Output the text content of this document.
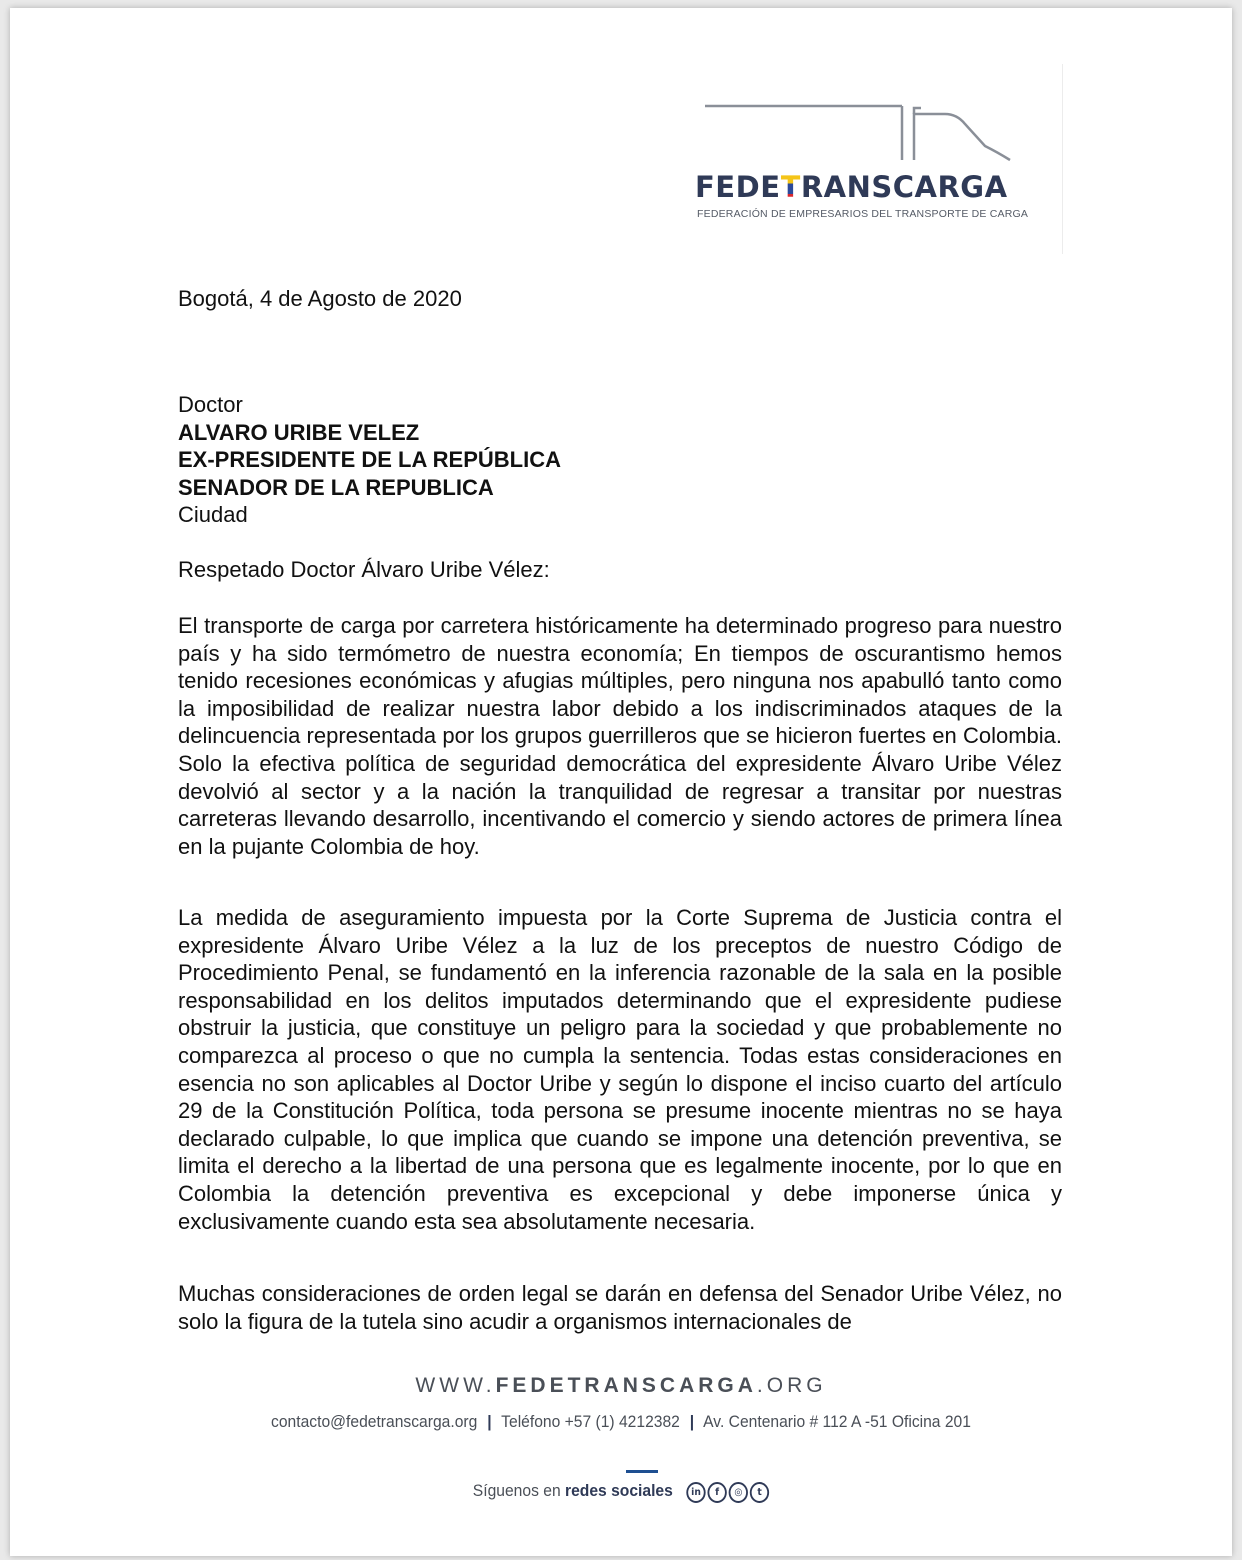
FEDETRANSCARGA
FEDERACIÓN DE EMPRESARIOS DEL TRANSPORTE DE CARGA
Bogotá, 4 de Agosto de 2020
Doctor
ALVARO URIBE VELEZ
EX-PRESIDENTE DE LA REPÚBLICA
SENADOR DE LA REPUBLICA
Ciudad
Respetado Doctor Álvaro Uribe Vélez:

El transporte de carga por carretera históricamente ha determinado progreso para nuestro país y ha sido termómetro de nuestra economía; En tiempos de oscurantismo hemos tenido recesiones económicas y afugias múltiples, pero ninguna nos apabulló tanto como la imposibilidad de realizar nuestra labor debido a los indiscriminados ataques de la delincuencia representada por los grupos guerrilleros que se hicieron fuertes en Colombia. Solo la efectiva política de seguridad democrática del expresidente Álvaro Uribe Vélez devolvió al sector y a la nación la tranquilidad de regresar a transitar por nuestras carreteras llevando desarrollo, incentivando el comercio y siendo actores de primera línea en la pujante Colombia de hoy.

La medida de aseguramiento impuesta por la Corte Suprema de Justicia contra el expresidente Álvaro Uribe Vélez a la luz de los preceptos de nuestro Código de Procedimiento Penal, se fundamentó en la inferencia razonable de la sala en la posible responsabilidad en los delitos imputados determinando que el expresidente pudiese obstruir la justicia, que constituye un peligro para la sociedad y que probablemente no comparezca al proceso o que no cumpla la sentencia. Todas estas consideraciones en esencia no son aplicables al Doctor Uribe y según lo dispone el inciso cuarto del artículo 29 de la Constitución Política, toda persona se presume inocente mientras no se haya declarado culpable, lo que implica que cuando se impone una detención preventiva, se limita el derecho a la libertad de una persona que es legalmente inocente, por lo que en Colombia la detención preventiva es excepcional y debe imponerse única y exclusivamente cuando esta sea absolutamente necesaria.

Muchas consideraciones de orden legal se darán en defensa del Senador Uribe Vélez, no solo la figura de la tutela sino acudir a organismos internacionales de

WWW.FEDETRANSCARGA.ORG
contacto@fedetranscarga.org | Teléfono +57 (1) 4212382 | Av. Centenario # 112 A -51 Oficina 201
Síguenos en redes sociales in f ◎ t
